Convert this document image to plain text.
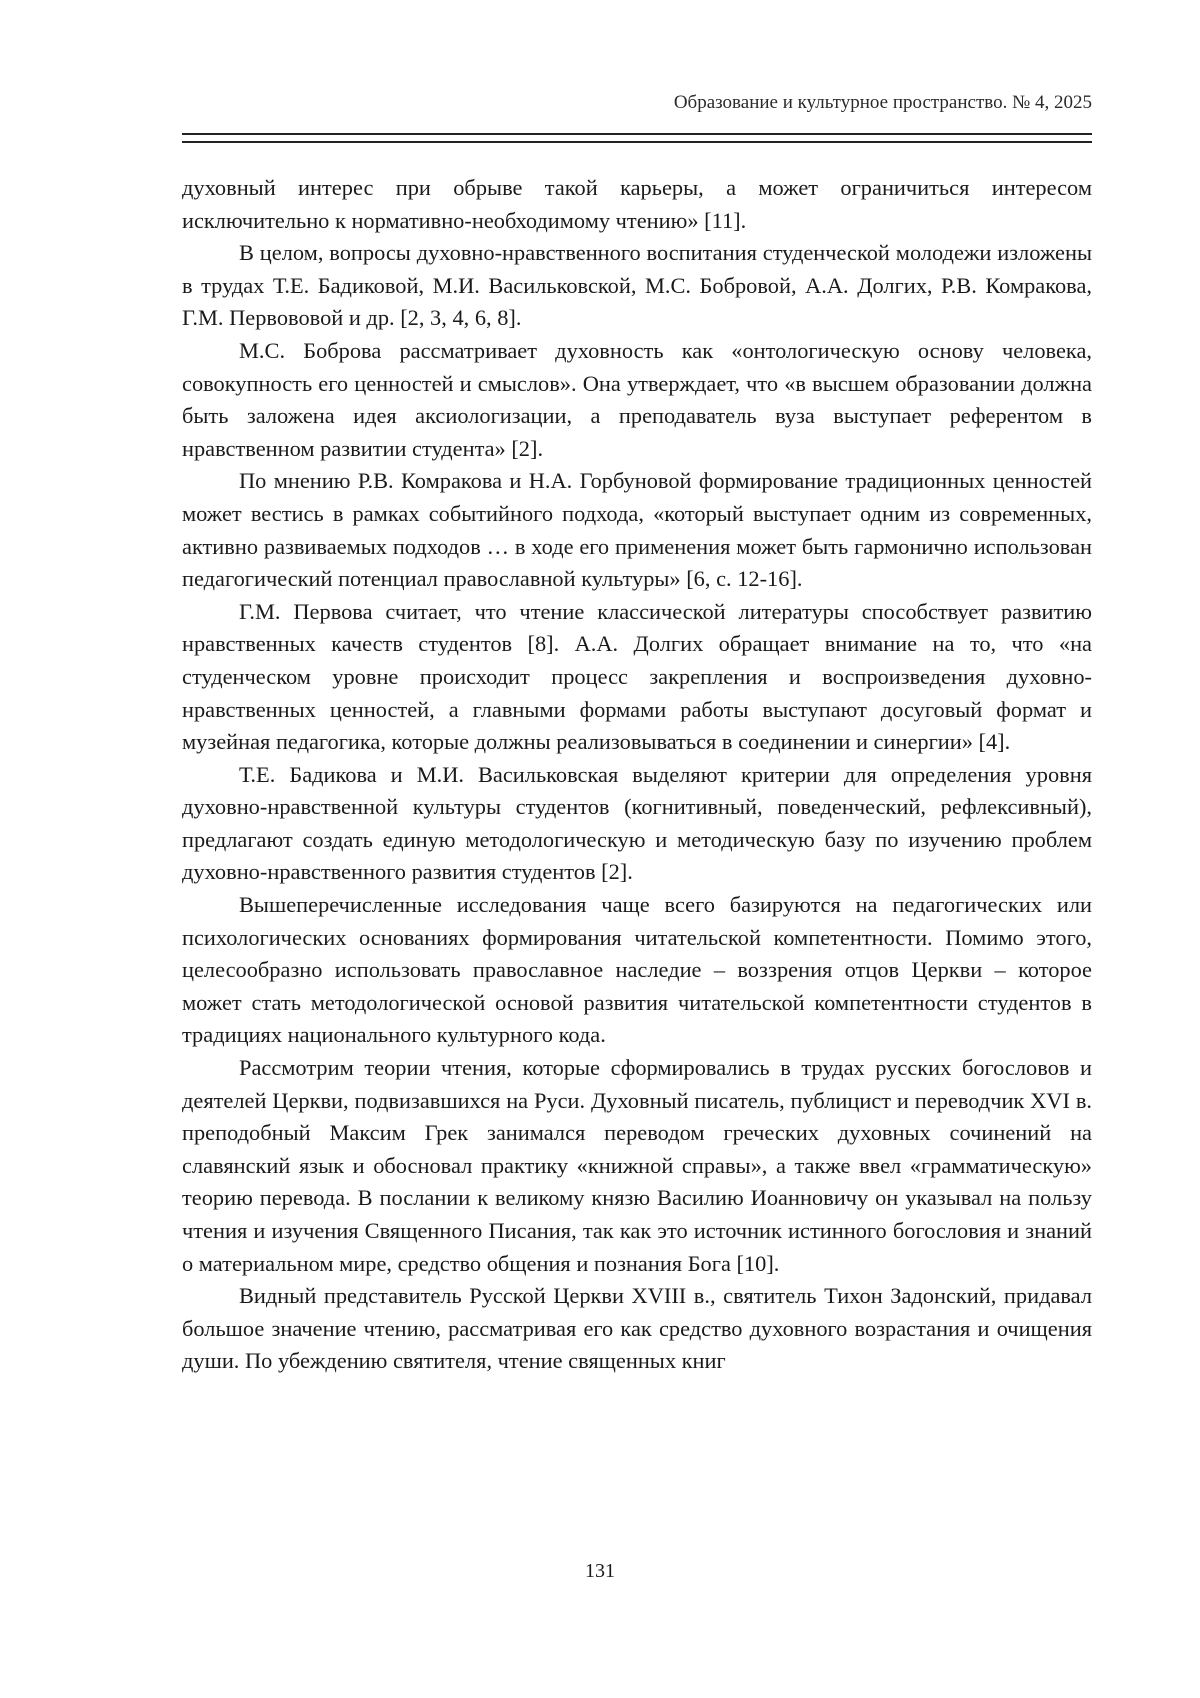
Образование и культурное пространство. № 4, 2025

духовный интерес при обрыве такой карьеры, а может ограничиться интересом исключительно к нормативно-необходимому чтению» [11].

В целом, вопросы духовно-нравственного воспитания студенческой молодежи изложены в трудах Т.Е. Бадиковой, М.И. Васильковской, М.С. Бобровой, А.А. Долгих, Р.В. Комракова, Г.М. Первововой и др. [2, 3, 4, 6, 8].

М.С. Боброва рассматривает духовность как «онтологическую основу человека, совокупность его ценностей и смыслов». Она утверждает, что «в высшем образовании должна быть заложена идея аксиологизации, а преподаватель вуза выступает референтом в нравственном развитии студента» [2].

По мнению Р.В. Комракова и Н.А. Горбуновой формирование традиционных ценностей может вестись в рамках событийного подхода, «который выступает одним из современных, активно развиваемых подходов … в ходе его применения может быть гармонично использован педагогический потенциал православной культуры» [6, с. 12-16].

Г.М. Первова считает, что чтение классической литературы способствует развитию нравственных качеств студентов [8]. А.А. Долгих обращает внимание на то, что «на студенческом уровне происходит процесс закрепления и воспроизведения духовно-нравственных ценностей, а главными формами работы выступают досуговый формат и музейная педагогика, которые должны реализовываться в соединении и синергии» [4].

Т.Е. Бадикова и М.И. Васильковская выделяют критерии для определения уровня духовно-нравственной культуры студентов (когнитивный, поведенческий, рефлексивный), предлагают создать единую методологическую и методическую базу по изучению проблем духовно-нравственного развития студентов [2].

Вышеперечисленные исследования чаще всего базируются на педагогических или психологических основаниях формирования читательской компетентности. Помимо этого, целесообразно использовать православное наследие – воззрения отцов Церкви – которое может стать методологической основой развития читательской компетентности студентов в традициях национального культурного кода.

Рассмотрим теории чтения, которые сформировались в трудах русских богословов и деятелей Церкви, подвизавшихся на Руси. Духовный писатель, публицист и переводчик XVI в. преподобный Максим Грек занимался переводом греческих духовных сочинений на славянский язык и обосновал практику «книжной справы», а также ввел «грамматическую» теорию перевода. В послании к великому князю Василию Иоанновичу он указывал на пользу чтения и изучения Священного Писания, так как это источник истинного богословия и знаний о материальном мире, средство общения и познания Бога [10].

Видный представитель Русской Церкви XVIII в., святитель Тихон Задонский, придавал большое значение чтению, рассматривая его как средство духовного возрастания и очищения души. По убеждению святителя, чтение священных книг

131
